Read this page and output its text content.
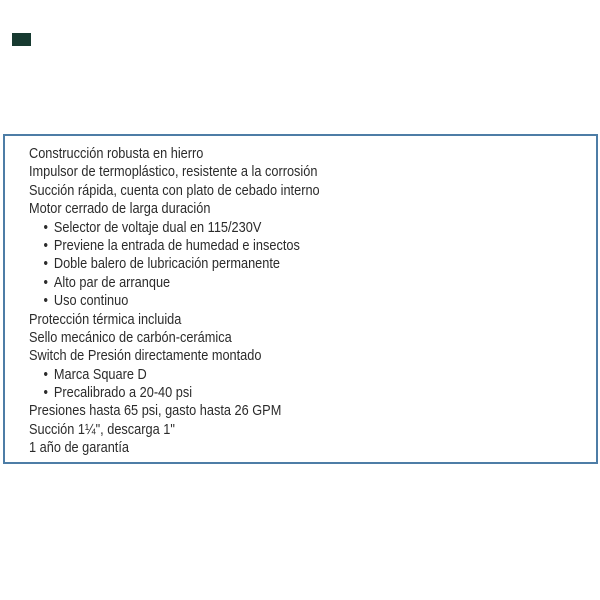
Construcción robusta en hierro
Impulsor de termoplástico, resistente a la corrosión
Succión rápida, cuenta con plato de cebado interno
Motor cerrado de larga duración
• Selector de voltaje dual en 115/230V
• Previene la entrada de humedad e insectos
• Doble balero de lubricación permanente
• Alto par de arranque
• Uso continuo
Protección térmica incluida
Sello mecánico de carbón-cerámica
Switch de Presión directamente montado
• Marca Square D
• Precalibrado a 20-40 psi
Presiones hasta 65 psi, gasto hasta 26 GPM
Succión 1¼", descarga 1"
1 año de garantía
